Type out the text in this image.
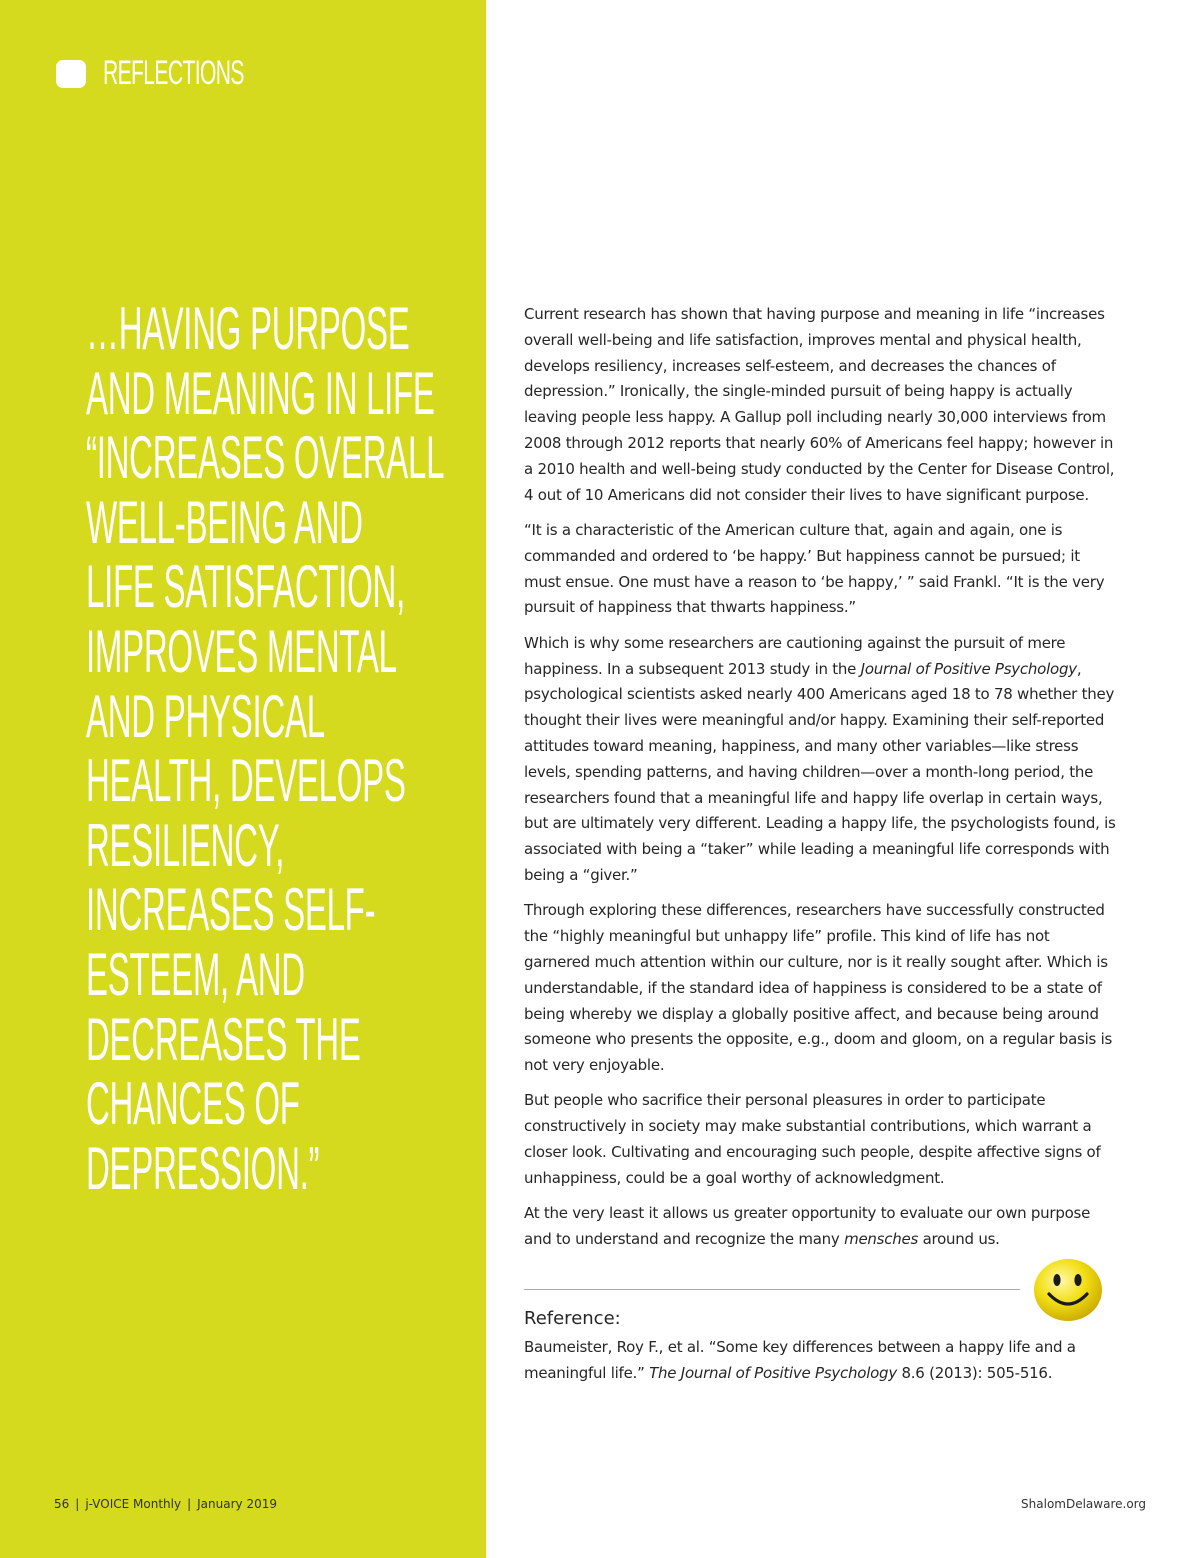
REFLECTIONS
…HAVING PURPOSE
AND MEANING IN LIFE
“INCREASES OVERALL
WELL-BEING AND
LIFE SATISFACTION,
IMPROVES MENTAL
AND PHYSICAL
HEALTH, DEVELOPS
RESILIENCY,
INCREASES SELF-
ESTEEM, AND
DECREASES THE
CHANCES OF
DEPRESSION.”

Current research has shown that having purpose and meaning in life “increases
overall well-being and life satisfaction, improves mental and physical health,
develops resiliency, increases self-esteem, and decreases the chances of
depression.” Ironically, the single-minded pursuit of being happy is actually
leaving people less happy. A Gallup poll including nearly 30,000 interviews from
2008 through 2012 reports that nearly 60% of Americans feel happy; however in
a 2010 health and well-being study conducted by the Center for Disease Control,
4 out of 10 Americans did not consider their lives to have significant purpose.

“It is a characteristic of the American culture that, again and again, one is
commanded and ordered to ‘be happy.’ But happiness cannot be pursued; it
must ensue. One must have a reason to ‘be happy,’ ” said Frankl. “It is the very
pursuit of happiness that thwarts happiness.”

Which is why some researchers are cautioning against the pursuit of mere
happiness. In a subsequent 2013 study in the Journal of Positive Psychology,
psychological scientists asked nearly 400 Americans aged 18 to 78 whether they
thought their lives were meaningful and/or happy. Examining their self-reported
attitudes toward meaning, happiness, and many other variables—like stress
levels, spending patterns, and having children—over a month-long period, the
researchers found that a meaningful life and happy life overlap in certain ways,
but are ultimately very different. Leading a happy life, the psychologists found, is
associated with being a “taker” while leading a meaningful life corresponds with
being a “giver.”

Through exploring these differences, researchers have successfully constructed
the “highly meaningful but unhappy life” profile. This kind of life has not
garnered much attention within our culture, nor is it really sought after. Which is
understandable, if the standard idea of happiness is considered to be a state of
being whereby we display a globally positive affect, and because being around
someone who presents the opposite, e.g., doom and gloom, on a regular basis is
not very enjoyable.

But people who sacrifice their personal pleasures in order to participate
constructively in society may make substantial contributions, which warrant a
closer look. Cultivating and encouraging such people, despite affective signs of
unhappiness, could be a goal worthy of acknowledgment.

At the very least it allows us greater opportunity to evaluate our own purpose
and to understand and recognize the many mensches around us.

Reference:
Baumeister, Roy F., et al. “Some key differences between a happy life and a
meaningful life.” The Journal of Positive Psychology 8.6 (2013): 505-516.
56 | j-VOICE Monthly | January 2019	ShalomDelaware.org
